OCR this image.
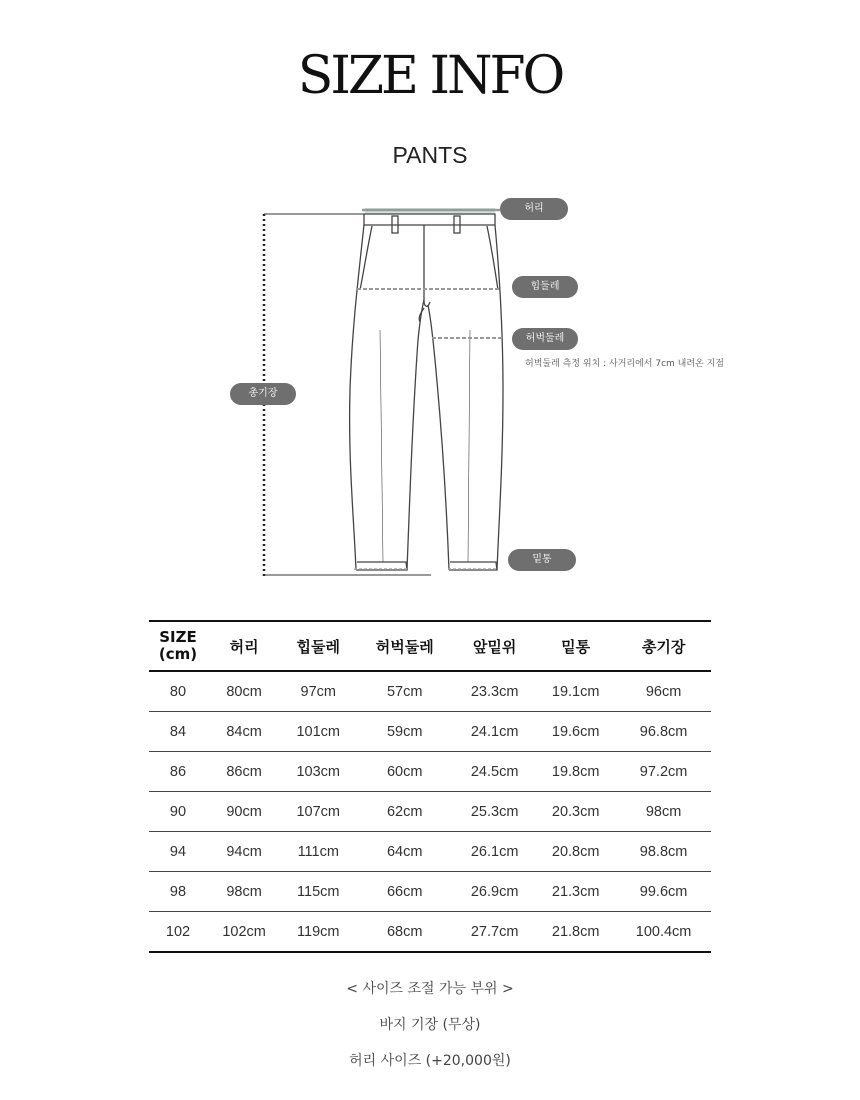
SIZE INFO
PANTS
허리
힙둘레
허벅둘레
총기장
밑통
허벅둘레 측정 위치 : 사거리에서 7cm 내려온 지점
SIZE
(cm)	허리	힙둘레	허벅둘레	앞밑위	밑통	총기장
80	80cm	97cm	57cm	23.3cm	19.1cm	96cm
84	84cm	101cm	59cm	24.1cm	19.6cm	96.8cm
86	86cm	103cm	60cm	24.5cm	19.8cm	97.2cm
90	90cm	107cm	62cm	25.3cm	20.3cm	98cm
94	94cm	111cm	64cm	26.1cm	20.8cm	98.8cm
98	98cm	115cm	66cm	26.9cm	21.3cm	99.6cm
102	102cm	119cm	68cm	27.7cm	21.8cm	100.4cm
< 사이즈 조절 가능 부위 >
바지 기장 (무상)
허리 사이즈 (+20,000원)
